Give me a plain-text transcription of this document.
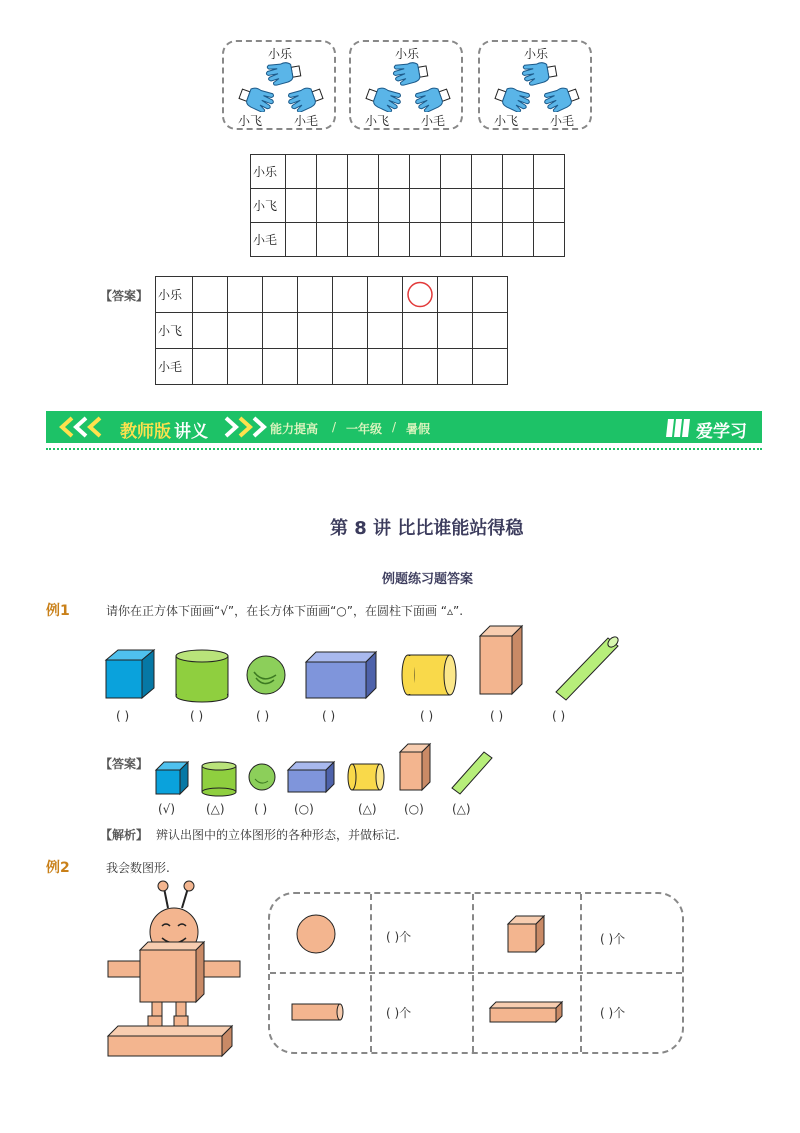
小乐
小飞	小毛
小乐
小飞	小毛
小乐
小飞	小毛
小乐									
小飞									
小毛									
【答案】 小乐							

小飞									
小毛									
教师版 讲义	能力提高 / 一年级 / 暑假	爱学习
第 8 讲 比比谁能站得稳
例题练习题答案
例1	请你在正方体下面画“√”，在长方体下面画“○”，在圆柱下面画 “▵”.
( )	( )	( )	( )	( )	( )	( )
【答案】
(√)	(△) ( ) (○)	(△) (○) (△)
【解析】 辨认出图中的立体图形的各种形态，并做标记.
例2	我会数图形.
( )个	( )个
( )个	( )个
